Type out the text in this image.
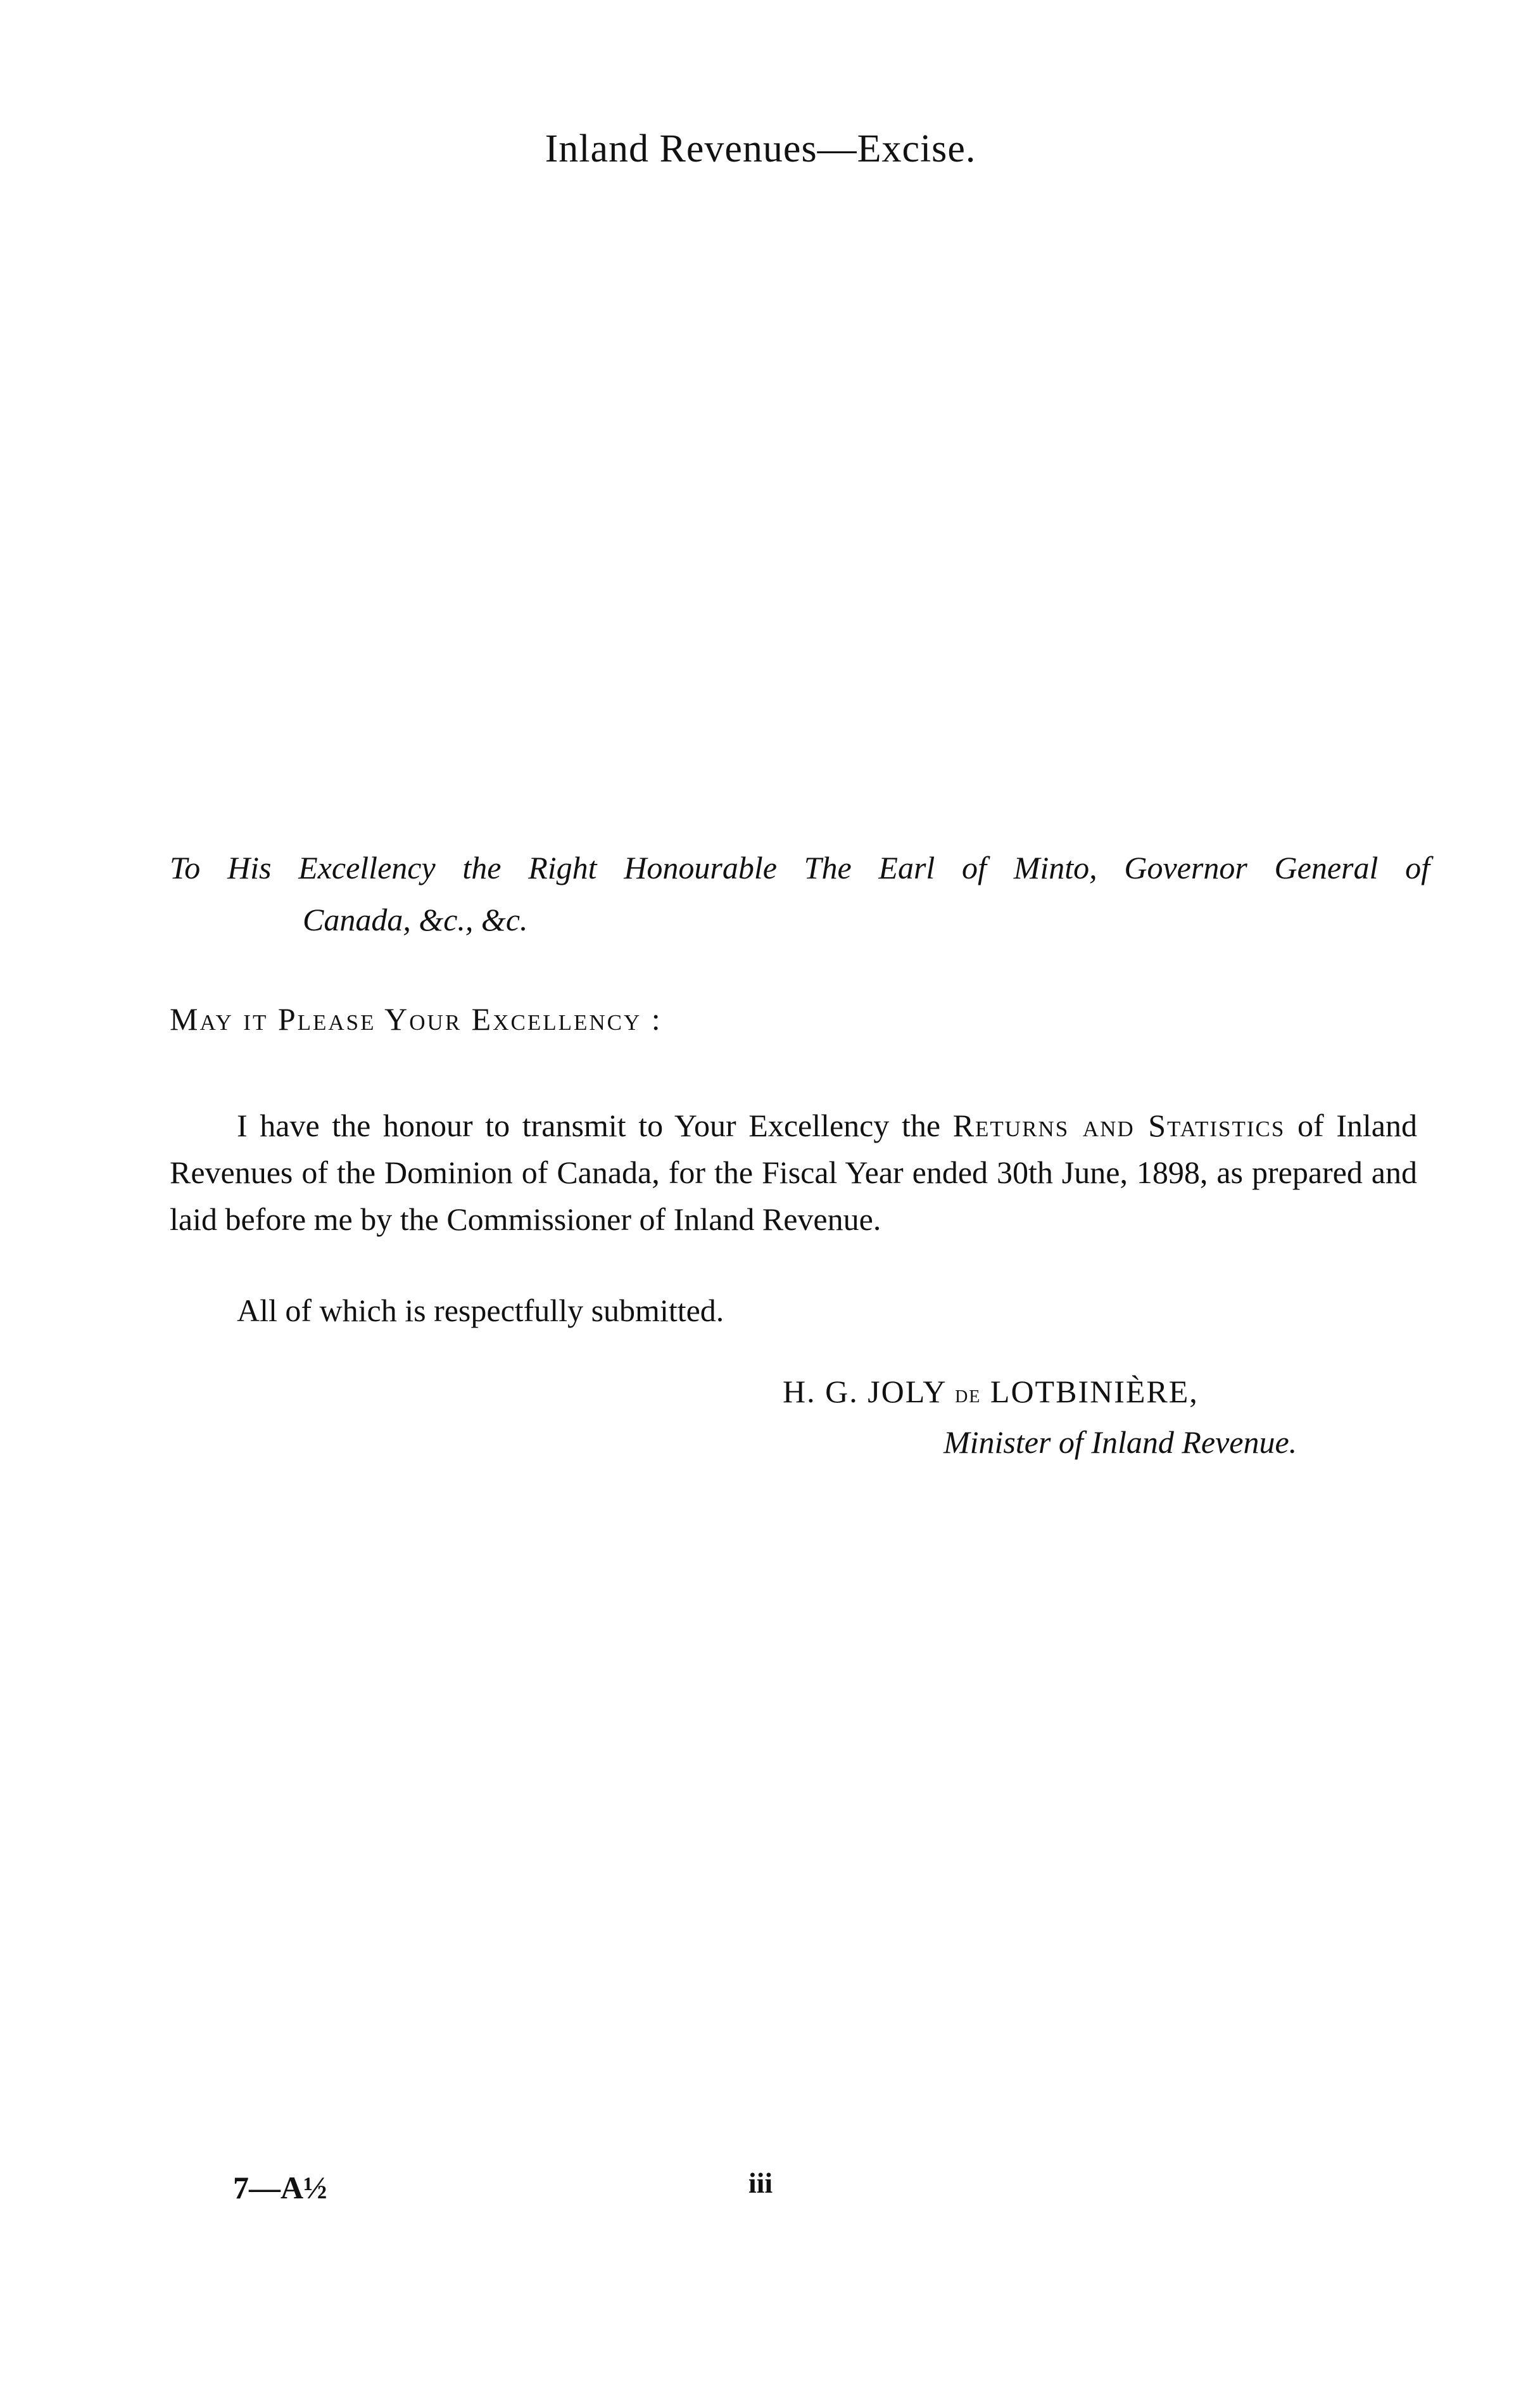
Inland Revenues—Excise.
To His Excellency the Right Honourable The Earl of Minto, Governor General of
Canada, &c., &c.
May it Please Your Excellency :
I have the honour to transmit to Your Excellency the Returns and Statistics of Inland Revenues of the Dominion of Canada, for the Fiscal Year ended 30th June, 1898, as prepared and laid before me by the Commissioner of Inland Revenue.
All of which is respectfully submitted.
H. G. JOLY de LOTBINIÈRE,
Minister of Inland Revenue.
7—A½	iii
